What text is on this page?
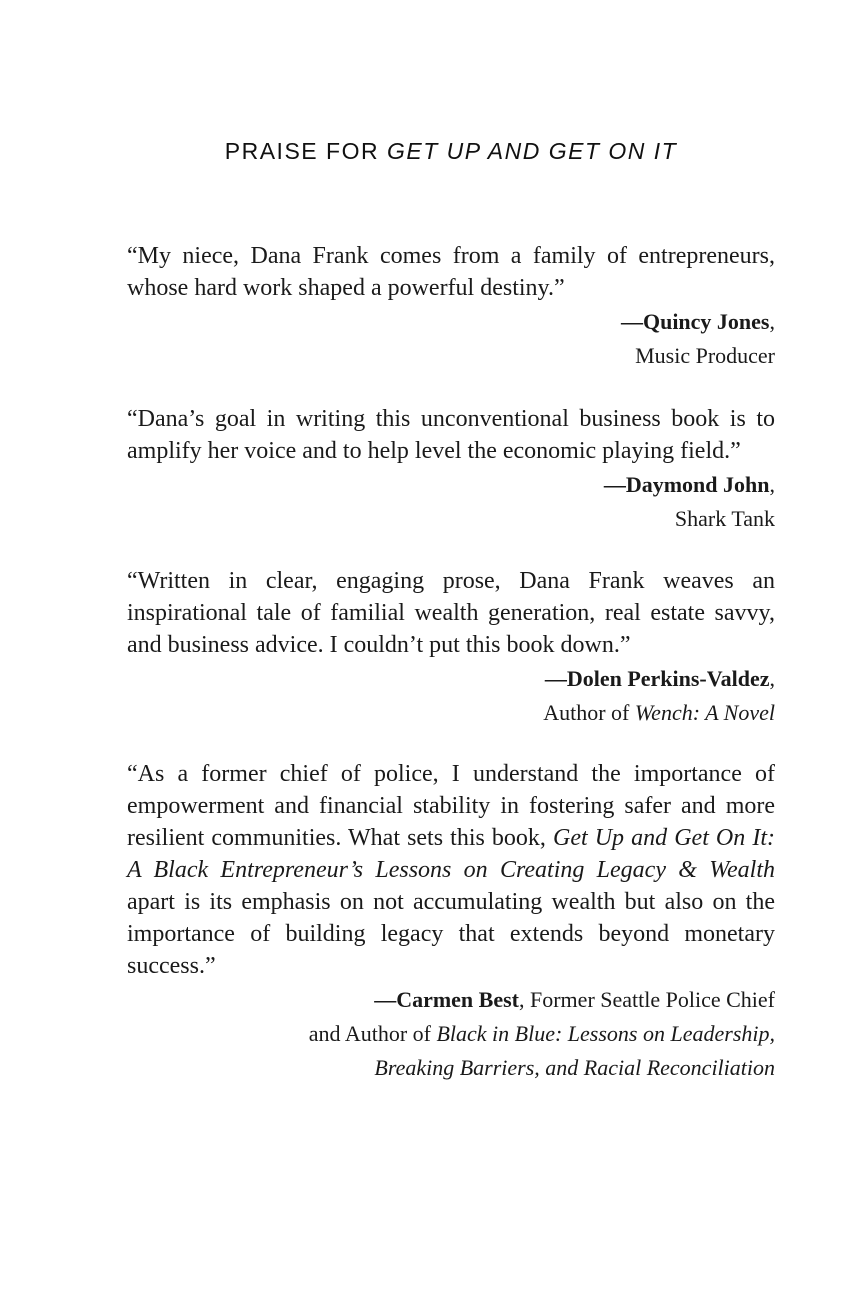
PRAISE FOR GET UP AND GET ON IT

“My niece, Dana Frank comes from a family of entrepreneurs, whose hard work shaped a powerful destiny.”

—Quincy Jones,

Music Producer

“Dana’s goal in writing this unconventional business book is to amplify her voice and to help level the economic playing field.”

—Daymond John,

Shark Tank

“Written in clear, engaging prose, Dana Frank weaves an inspirational tale of familial wealth generation, real estate savvy, and business advice. I couldn’t put this book down.”

—Dolen Perkins-Valdez,

Author of Wench: A Novel

“As a former chief of police, I understand the importance of empowerment and financial stability in fostering safer and more resilient communities. What sets this book, Get Up and Get On It: A Black Entrepreneur’s Lessons on Creating Legacy & Wealth apart is its emphasis on not accumulating wealth but also on the importance of building legacy that extends beyond monetary success.”

—Carmen Best, Former Seattle Police Chief

and Author of Black in Blue: Lessons on Leadership,

Breaking Barriers, and Racial Reconciliation
